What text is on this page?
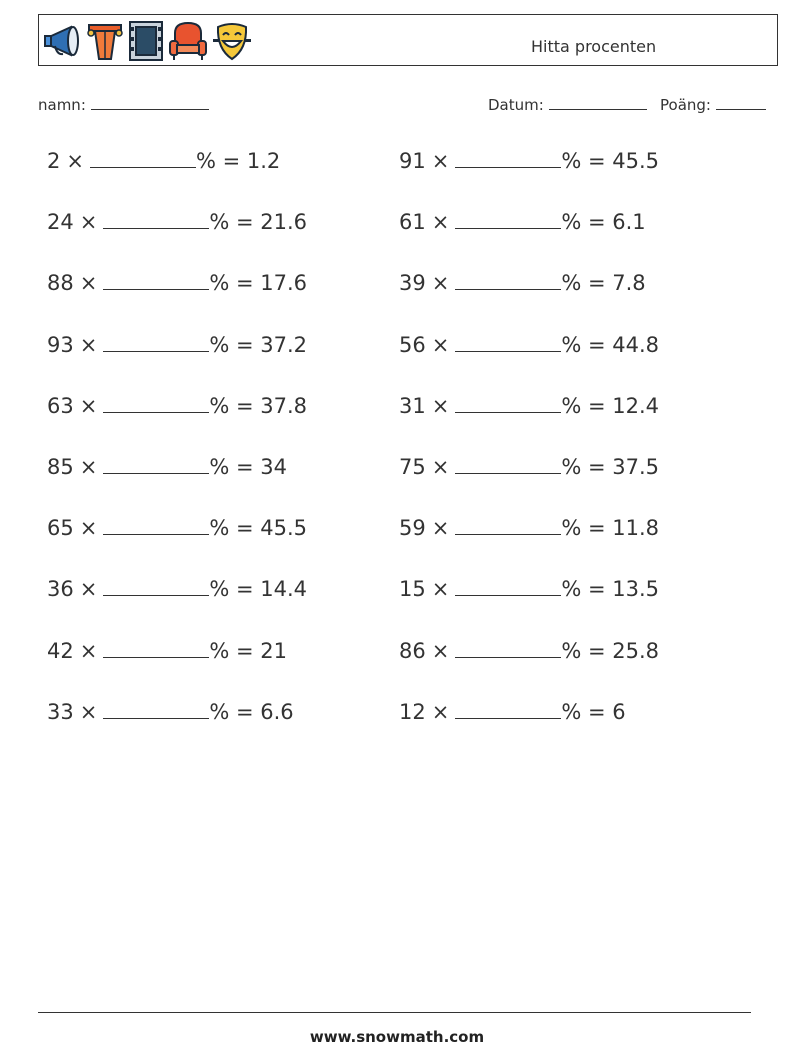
Hitta procenten
namn:	Datum:	Poäng:
2 ×	% = 1.2	91 ×	% = 45.5
24 ×	% = 21.6	61 ×	% = 6.1
88 ×	% = 17.6	39 ×	% = 7.8
93 ×	% = 37.2	56 ×	% = 44.8
63 ×	% = 37.8	31 ×	% = 12.4
85 ×	% = 34	75 ×	% = 37.5
65 ×	% = 45.5	59 ×	% = 11.8
36 ×	% = 14.4	15 ×	% = 13.5
42 ×	% = 21	86 ×	% = 25.8
33 ×	% = 6.6	12 ×	% = 6
www.snowmath.com
